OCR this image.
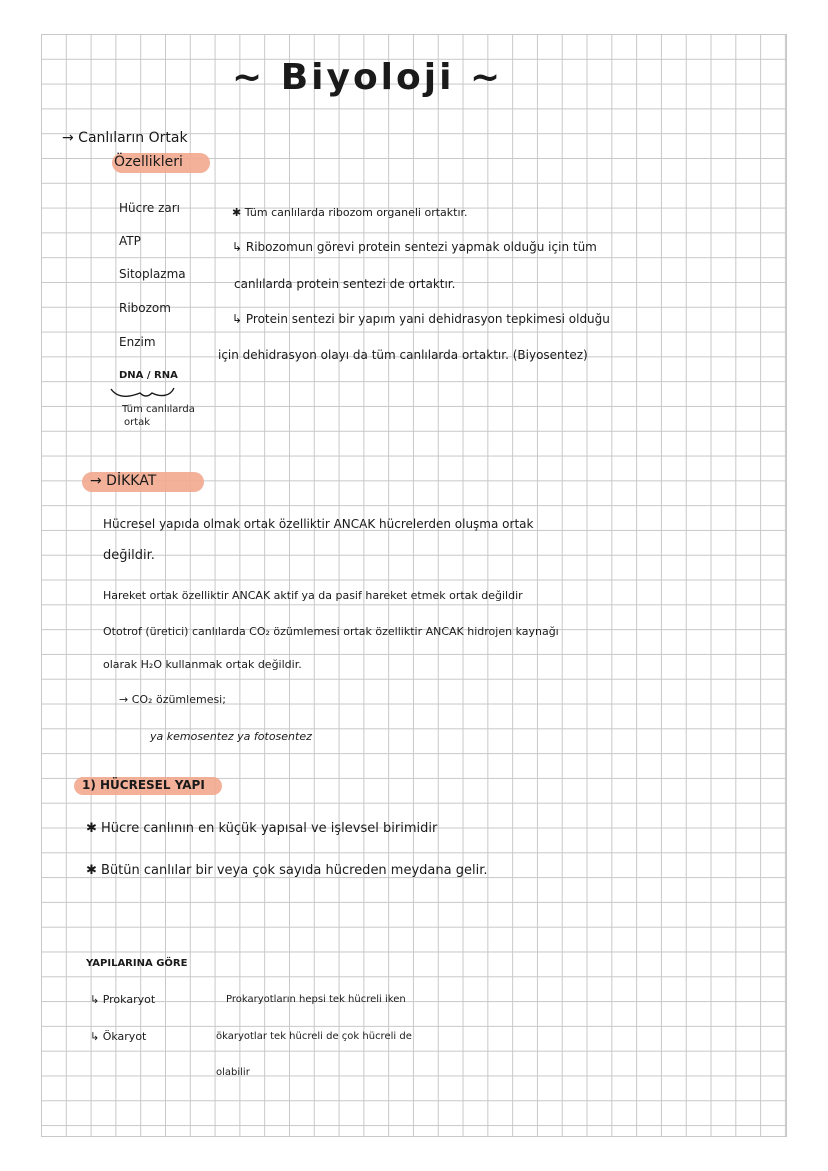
~ Biyoloji ~
→ Canlıların Ortak
Özellikleri
Hücre zarı
ATP
Sitoplazma
Ribozom
Enzim
DNA / RNA
Tüm canlılarda
ortak
✱ Tüm canlılarda ribozom organeli ortaktır.
↳ Ribozomun görevi protein sentezi yapmak olduğu için tüm
canlılarda protein sentezi de ortaktır.
↳ Protein sentezi bir yapım yani dehidrasyon tepkimesi olduğu
için dehidrasyon olayı da tüm canlılarda ortaktır. (Biyosentez)
→ DİKKAT
Hücresel yapıda olmak ortak özelliktir ANCAK hücrelerden oluşma ortak
değildir.
Hareket ortak özelliktir ANCAK aktif ya da pasif hareket etmek ortak değildir
Ototrof (üretici) canlılarda CO₂ özümlemesi ortak özelliktir ANCAK hidrojen kaynağı
olarak H₂O kullanmak ortak değildir.
→ CO₂ özümlemesi;
ya kemosentez ya fotosentez
1) HÜCRESEL YAPI
✱ Hücre canlının en küçük yapısal ve işlevsel birimidir
✱ Bütün canlılar bir veya çok sayıda hücreden meydana gelir.
YAPILARINA GÖRE
↳ Prokaryot	Prokaryotların hepsi tek hücreli iken
↳ Ökaryot	ökaryotlar tek hücreli de çok hücreli de
olabilir
